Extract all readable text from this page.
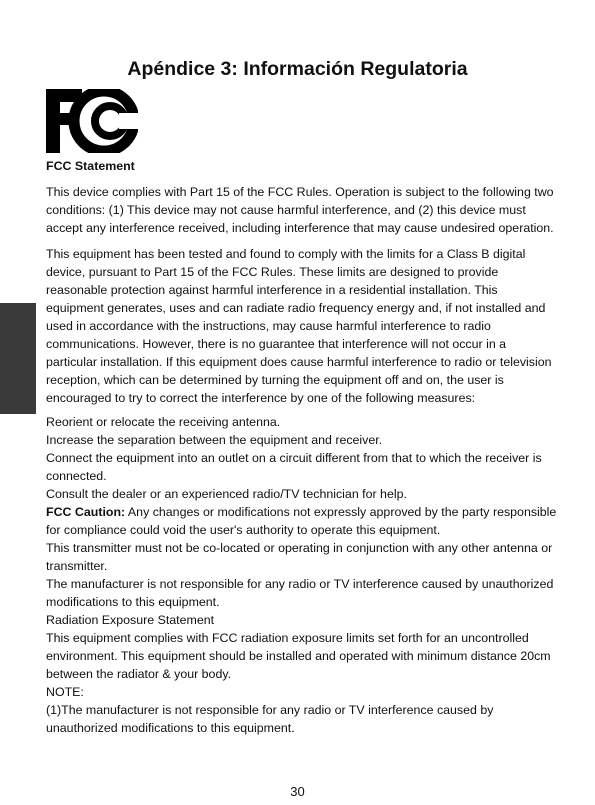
Apéndice 3: Información Regulatoria

FCC Statement

This device complies with Part 15 of the FCC Rules. Operation is subject to the following two conditions: (1) This device may not cause harmful interference, and (2) this device must accept any interference received, including interference that may cause undesired operation.

This equipment has been tested and found to comply with the limits for a Class B digital device, pursuant to Part 15 of the FCC Rules. These limits are designed to provide reasonable protection against harmful interference in a residential installation. This equipment generates, uses and can radiate radio frequency energy and, if not installed and used in accordance with the instructions, may cause harmful interference to radio communications. However, there is no guarantee that interference will not occur in a particular installation. If this equipment does cause harmful interference to radio or television reception, which can be determined by turning the equipment off and on, the user is encouraged to try to correct the interference by one of the following measures:

Reorient or relocate the receiving antenna.

Increase the separation between the equipment and receiver.

Connect the equipment into an outlet on a circuit different from that to which the receiver is connected.

Consult the dealer or an experienced radio/TV technician for help.

FCC Caution: Any changes or modifications not expressly approved by the party responsible for compliance could void the user's authority to operate this equipment.

This transmitter must not be co-located or operating in conjunction with any other antenna or transmitter.

The manufacturer is not responsible for any radio or TV interference caused by unauthorized modifications to this equipment.

Radiation Exposure Statement

This equipment complies with FCC radiation exposure limits set forth for an uncontrolled environment. This equipment should be installed and operated with minimum distance 20cm between the radiator & your body.

NOTE:

(1)The manufacturer is not responsible for any radio or TV interference caused by unauthorized modifications to this equipment.

30
